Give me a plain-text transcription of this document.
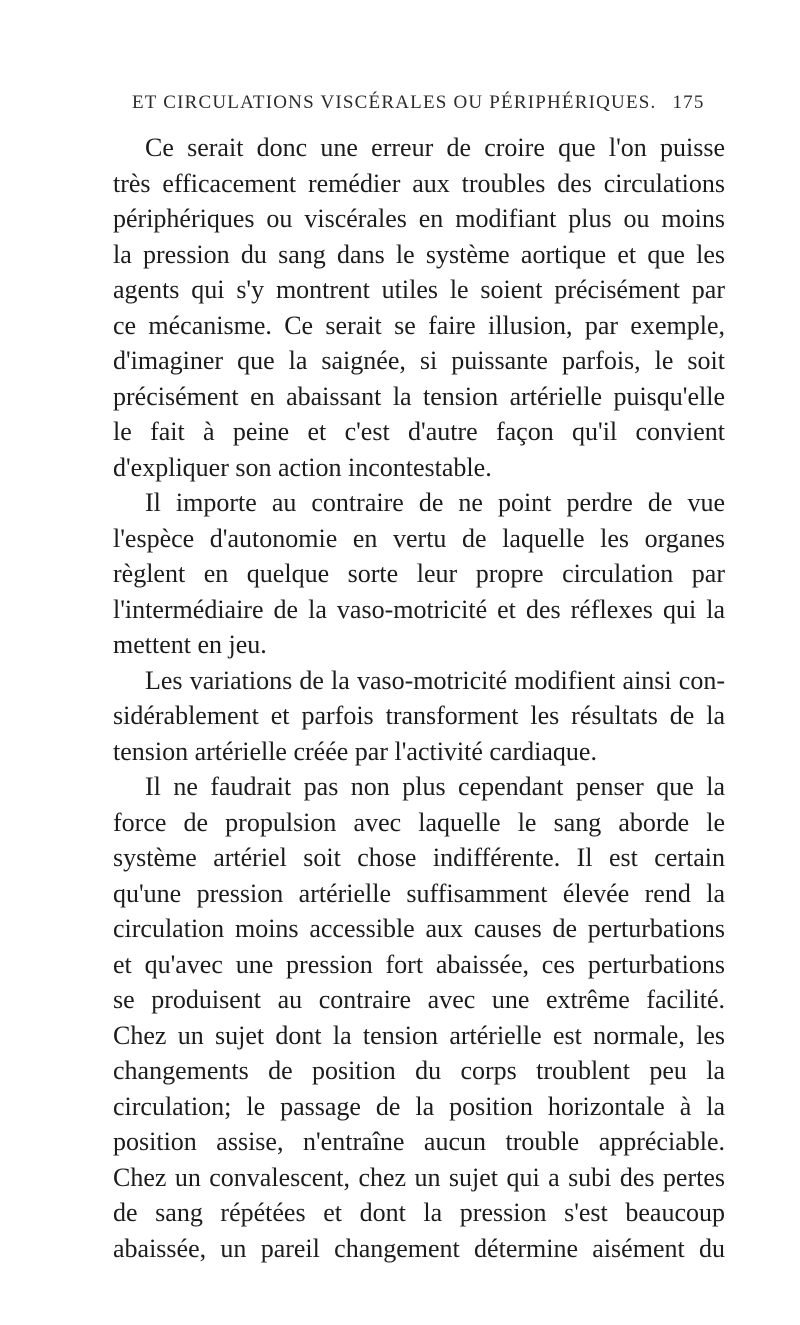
ET CIRCULATIONS VISCÉRALES OU PÉRIPHÉRIQUES. 175
Ce serait donc une erreur de croire que l'on puisse
très efficacement remédier aux troubles des circulations
périphériques ou viscérales en modifiant plus ou moins
la pression du sang dans le système aortique et que les
agents qui s'y montrent utiles le soient précisément par
ce mécanisme. Ce serait se faire illusion, par exemple,
d'imaginer que la saignée, si puissante parfois, le soit
précisément en abaissant la tension artérielle puisqu'elle
le fait à peine et c'est d'autre façon qu'il convient
d'expliquer son action incontestable.
Il importe au contraire de ne point perdre de vue
l'espèce d'autonomie en vertu de laquelle les organes
règlent en quelque sorte leur propre circulation par
l'intermédiaire de la vaso-motricité et des réflexes qui la
mettent en jeu.
Les variations de la vaso-motricité modifient ainsi con-
sidérablement et parfois transforment les résultats de la
tension artérielle créée par l'activité cardiaque.
Il ne faudrait pas non plus cependant penser que la
force de propulsion avec laquelle le sang aborde le
système artériel soit chose indifférente. Il est certain
qu'une pression artérielle suffisamment élevée rend la
circulation moins accessible aux causes de perturbations
et qu'avec une pression fort abaissée, ces perturbations
se produisent au contraire avec une extrême facilité.
Chez un sujet dont la tension artérielle est normale, les
changements de position du corps troublent peu la
circulation; le passage de la position horizontale à la
position assise, n'entraîne aucun trouble appréciable.
Chez un convalescent, chez un sujet qui a subi des pertes
de sang répétées et dont la pression s'est beaucoup
abaissée, un pareil changement détermine aisément du
